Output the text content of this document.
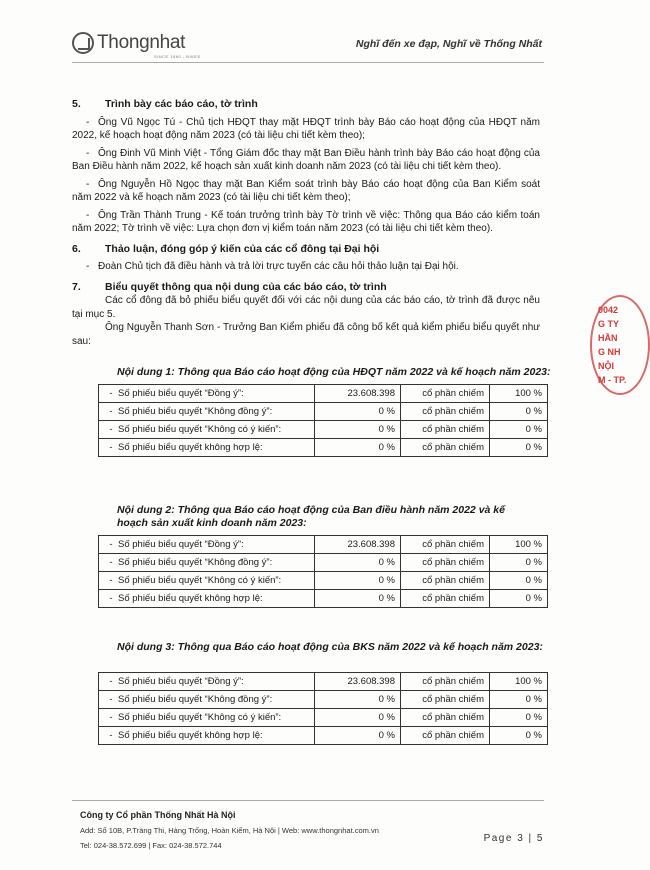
Thongnhat
SINCE 1960 - BIKES
Nghĩ đến xe đạp, Nghĩ về Thống Nhất
5.	Trình bày các báo cáo, tờ trình

- Ông Vũ Ngọc Tú - Chủ tịch HĐQT thay mặt HĐQT trình bày Báo cáo hoạt động của HĐQT năm 2022, kế hoạch hoạt động năm 2023 (có tài liệu chi tiết kèm theo);

- Ông Đinh Vũ Minh Việt - Tổng Giám đốc thay mặt Ban Điều hành trình bày Báo cáo hoạt động của Ban Điều hành năm 2022, kế hoạch sản xuất kinh doanh năm 2023 (có tài liệu chi tiết kèm theo).

- Ông Nguyễn Hồ Ngọc thay mặt Ban Kiểm soát trình bày Báo cáo hoạt động của Ban Kiểm soát năm 2022 và kế hoạch năm 2023 (có tài liệu chi tiết kèm theo);

- Ông Trần Thành Trung - Kế toán trưởng trình bày Tờ trình về việc: Thông qua Báo cáo kiểm toán năm 2022; Tờ trình về việc: Lựa chọn đơn vị kiểm toán năm 2023 (có tài liệu chi tiết kèm theo).

6.	Thảo luận, đóng góp ý kiến của các cổ đông tại Đại hội

- Đoàn Chủ tịch đã điều hành và trả lời trực tuyến các câu hỏi thảo luận tại Đại hội.

7.	Biểu quyết thông qua nội dung của các báo cáo, tờ trình

Các cổ đông đã bỏ phiếu biểu quyết đối với các nội dung của các báo cáo, tờ trình đã được nêu tại mục 5.

Ông Nguyễn Thanh Sơn - Trưởng Ban Kiểm phiếu đã công bố kết quả kiểm phiếu biểu quyết như sau:

Nội dung 1: Thông qua Báo cáo hoạt động của HĐQT năm 2022 và kế hoạch năm 2023:
- Số phiếu biểu quyết “Đồng ý”:	23.608.398	cổ phần chiếm	100 %
- Số phiếu biểu quyết “Không đồng ý”:	0 %	cổ phần chiếm	0 %
- Số phiếu biểu quyết “Không có ý kiến”:	0 %	cổ phần chiếm	0 %
- Số phiếu biểu quyết không hợp lệ:	0 %	cổ phần chiếm	0 %
Nội dung 2: Thông qua Báo cáo hoạt động của Ban điều hành năm 2022 và kế hoạch sản xuất kinh doanh năm 2023:
- Số phiếu biểu quyết “Đồng ý”:	23.608.398	cổ phần chiếm	100 %
- Số phiếu biểu quyết “Không đồng ý”:	0 %	cổ phần chiếm	0 %
- Số phiếu biểu quyết “Không có ý kiến”:	0 %	cổ phần chiếm	0 %
- Số phiếu biểu quyết không hợp lệ:	0 %	cổ phần chiếm	0 %
Nội dung 3: Thông qua Báo cáo hoạt động của BKS năm 2022 và kế hoạch năm 2023:
- Số phiếu biểu quyết “Đồng ý”:	23.608.398	cổ phần chiếm	100 %
- Số phiếu biểu quyết “Không đồng ý”:	0 %	cổ phần chiếm	0 %
- Số phiếu biểu quyết “Không có ý kiến”:	0 %	cổ phần chiếm	0 %
- Số phiếu biểu quyết không hợp lệ:	0 %	cổ phần chiếm	0 %
0042
G TY
HẦN
G NH
NỘI
M - TP.
Công ty Cổ phần Thống Nhất Hà Nội
Add: Số 10B, P.Tràng Thi, Hàng Trống, Hoàn Kiếm, Hà Nội | Web: www.thongnhat.com.vn
Tel: 024-38.572.699 | Fax: 024-38.572.744
Page 3 | 5
